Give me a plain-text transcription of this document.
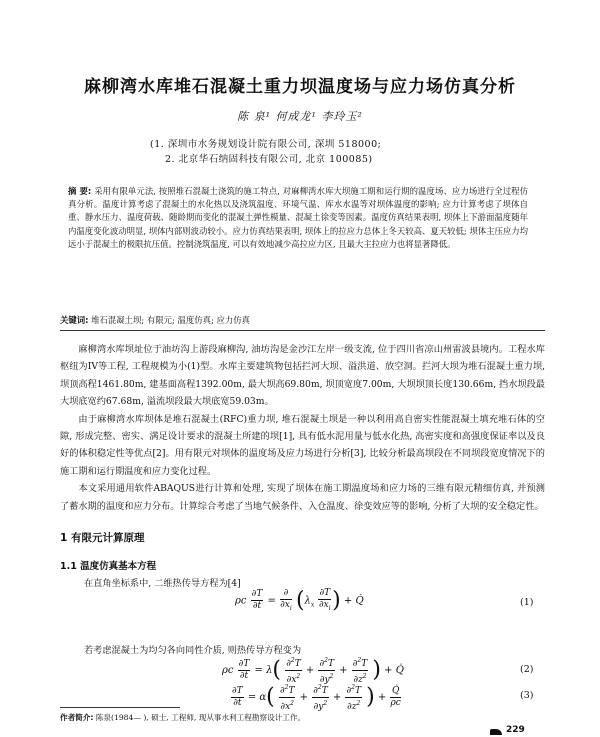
麻柳湾水库堆石混凝土重力坝温度场与应力场仿真分析
陈 泉¹ 何成龙¹ 李玲玉²
(1. 深圳市水务规划设计院有限公司, 深圳 518000;
2. 北京华石纳固科技有限公司, 北京 100085)
摘 要: 采用有限单元法, 按照堆石混凝土浇筑的施工特点, 对麻柳湾水库大坝施工期和运行期的温度场、应力场进行全过程仿真分析。温度计算考虑了混凝土的水化热以及浇筑温度、环境气温、库水水温等对坝体温度的影响; 应力计算考虑了坝体自重、静水压力、温度荷载、随龄期而变化的混凝土弹性模量、混凝土徐变等因素。温度仿真结果表明, 坝体上下游面温度随年内温度变化波动明显, 坝体内部则波动较小。应力仿真结果表明, 坝体上的拉应力总体上冬天较高、夏天较低; 坝体主压应力均远小于混凝土的极限抗压值。控制浇筑温度, 可以有效地减少高拉应力区, 且最大主拉应力也将显著降低。
关键词: 堆石混凝土坝; 有限元; 温度仿真; 应力仿真

麻柳湾水库坝址位于油坊沟上游段麻柳沟, 油坊沟是金沙江左岸一级支流, 位于四川省凉山州雷波县境内。工程水库枢纽为IV等工程, 工程规模为小(1)型。水库主要建筑物包括拦河大坝、溢洪道、放空洞。拦河大坝为堆石混凝土重力坝, 坝顶高程1461.80m, 建基面高程1392.00m, 最大坝高69.80m, 坝顶宽度7.00m, 大坝坝顶长度130.66m, 挡水坝段最大坝底宽约67.68m, 溢流坝段最大坝底宽59.03m。

由于麻柳湾水库坝体是堆石混凝土(RFC)重力坝, 堆石混凝土坝是一种以利用高自密实性能混凝土填充堆石体的空隙, 形成完整、密实、满足设计要求的混凝土所建的坝[1], 具有低水泥用量与低水化热, 高密实度和高强度保证率以及良好的体积稳定性等优点[2]。用有限元对坝体的温度场及应力场进行分析[3], 比较分析最高坝段在不同坝段宽度情况下的施工期和运行期温度和应力变化过程。

本文采用通用软件ABAQUS进行计算和处理, 实现了坝体在施工期温度场和应力场的三维有限元精细仿真, 并预测了蓄水期的温度和应力分布。计算综合考虑了当地气候条件、入仓温度、徐变效应等的影响, 分析了大坝的安全稳定性。

1 有限元计算原理
1.1 温度仿真基本方程
在直角坐标系中, 二维热传导方程为[4]
ρc $\frac{\partial T}{\partial t} = \frac{\partial}{\partial x_i} (\lambda_x \frac{\partial T}{\partial x_i}$ ) + Q̇	(1)
若考虑混凝土为均匀各向同性介质, 则热传导方程变为
ρc $\frac{\partial T}{\partial t} = \lambda( \frac{\partial^2T}{\partial x^2} + \frac{\partial^2T}{\partial y^2} + \frac{\partial^2T}{\partial z^2}$ ) + Q̇	(2)
$\frac{\partial T}{\partial t} = \alpha( \frac{\partial^2T}{\partial x^2} + \frac{\partial^2T}{\partial y^2} + \frac{\partial^2T}{\partial z^2}$ ) + $\frac{Q̇}{\rho c}$	(3)
作者简介: 陈泉(1984— ), 硕士, 工程师, 现从事水利工程勘察设计工作。
229
